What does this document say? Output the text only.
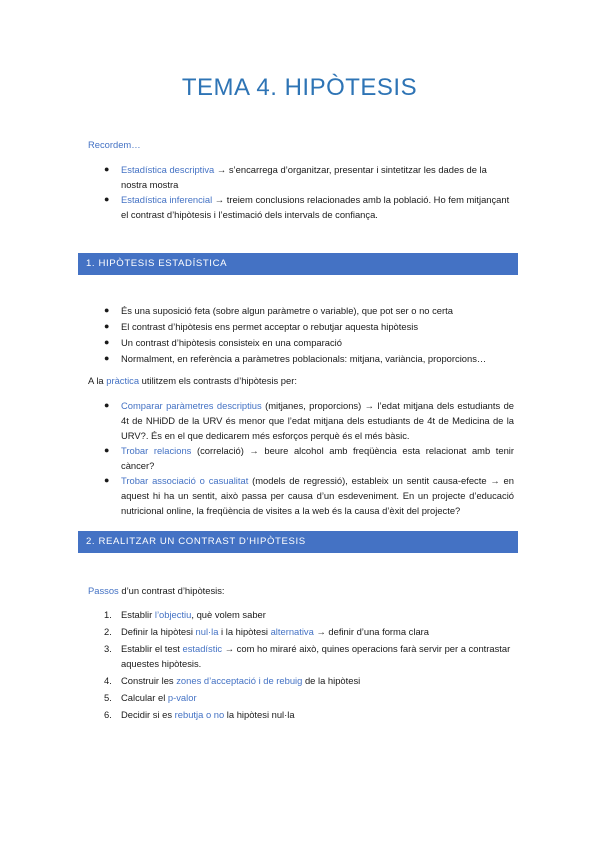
TEMA 4. HIPÒTESIS
Recordem…
● Estadística descriptiva → s’encarrega d’organitzar, presentar i sintetitzar les dades de la nostra mostra
● Estadística inferencial → treiem conclusions relacionades amb la població. Ho fem mitjançant el contrast d’hipòtesis i l’estimació dels intervals de confiança.
1. HIPÒTESIS ESTADÍSTICA
● És una suposició feta (sobre algun paràmetre o variable), que pot ser o no certa
● El contrast d’hipòtesis ens permet acceptar o rebutjar aquesta hipòtesis
● Un contrast d’hipòtesis consisteix en una comparació
● Normalment, en referència a paràmetres poblacionals: mitjana, variància, proporcions…
A la pràctica utilitzem els contrasts d’hipòtesis per:
● Comparar paràmetres descriptius (mitjanes, proporcions) → l’edat mitjana dels estudiants de 4t de NHiDD de la URV és menor que l’edat mitjana dels estudiants de 4t de Medicina de la URV?. És en el que dedicarem més esforços perquè és el més bàsic.
● Trobar relacions (correlació) → beure alcohol amb freqüència esta relacionat amb tenir càncer?
● Trobar associació o casualitat (models de regressió), estableix un sentit causa-efecte → en aquest hi ha un sentit, això passa per causa d’un esdeveniment. En un projecte d’educació nutricional online, la freqüència de visites a la web és la causa d’èxit del projecte?
2. REALITZAR UN CONTRAST D’HIPÒTESIS
Passos d’un contrast d’hipòtesis:
1. Establir l’objectiu, què volem saber
2. Definir la hipòtesi nul·la i la hipòtesi alternativa → definir d’una forma clara
3. Establir el test estadístic → com ho miraré això, quines operacions farà servir per a contrastar aquestes hipòtesis.
4. Construir les zones d’acceptació i de rebuig de la hipòtesi
5. Calcular el p-valor
6. Decidir si es rebutja o no la hipòtesi nul·la
